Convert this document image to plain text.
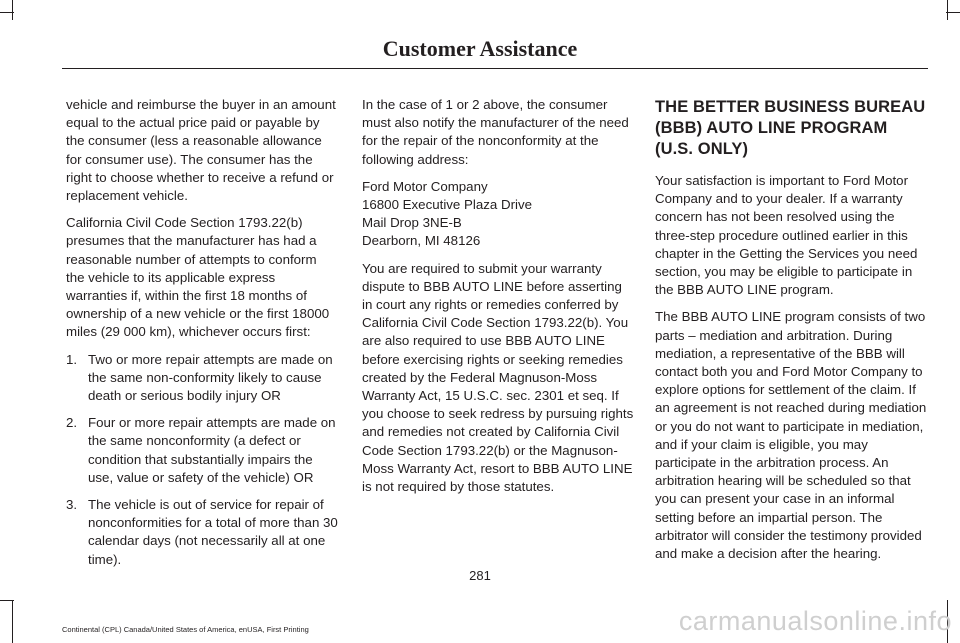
Customer Assistance

vehicle and reimburse the buyer in an amount equal to the actual price paid or payable by the consumer (less a reasonable allowance for consumer use). The consumer has the right to choose whether to receive a refund or replacement vehicle.

California Civil Code Section 1793.22(b) presumes that the manufacturer has had a reasonable number of attempts to conform the vehicle to its applicable express warranties if, within the first 18 months of ownership of a new vehicle or the first 18000 miles (29 000 km), whichever occurs first:

1. Two or more repair attempts are made on the same non-conformity likely to cause death or serious bodily injury OR
2. Four or more repair attempts are made on the same nonconformity (a defect or condition that substantially impairs the use, value or safety of the vehicle) OR
3. The vehicle is out of service for repair of nonconformities for a total of more than 30 calendar days (not necessarily all at one time).

In the case of 1 or 2 above, the consumer must also notify the manufacturer of the need for the repair of the nonconformity at the following address:

Ford Motor Company

16800 Executive Plaza Drive

Mail Drop 3NE-B

Dearborn, MI 48126

You are required to submit your warranty dispute to BBB AUTO LINE before asserting in court any rights or remedies conferred by California Civil Code Section 1793.22(b). You are also required to use BBB AUTO LINE before exercising rights or seeking remedies created by the Federal Magnuson-Moss Warranty Act, 15 U.S.C. sec. 2301 et seq. If you choose to seek redress by pursuing rights and remedies not created by California Civil Code Section 1793.22(b) or the Magnuson-Moss Warranty Act, resort to BBB AUTO LINE is not required by those statutes.

THE BETTER BUSINESS BUREAU (BBB) AUTO LINE PROGRAM (U.S. ONLY)

Your satisfaction is important to Ford Motor Company and to your dealer. If a warranty concern has not been resolved using the three-step procedure outlined earlier in this chapter in the Getting the Services you need section, you may be eligible to participate in the BBB AUTO LINE program.

The BBB AUTO LINE program consists of two parts – mediation and arbitration. During mediation, a representative of the BBB will contact both you and Ford Motor Company to explore options for settlement of the claim. If an agreement is not reached during mediation or you do not want to participate in mediation, and if your claim is eligible, you may participate in the arbitration process. An arbitration hearing will be scheduled so that you can present your case in an informal setting before an impartial person. The arbitrator will consider the testimony provided and make a decision after the hearing.

281
Continental (CPL) Canada/United States of America, enUSA, First Printing	carmanualsonline.info
